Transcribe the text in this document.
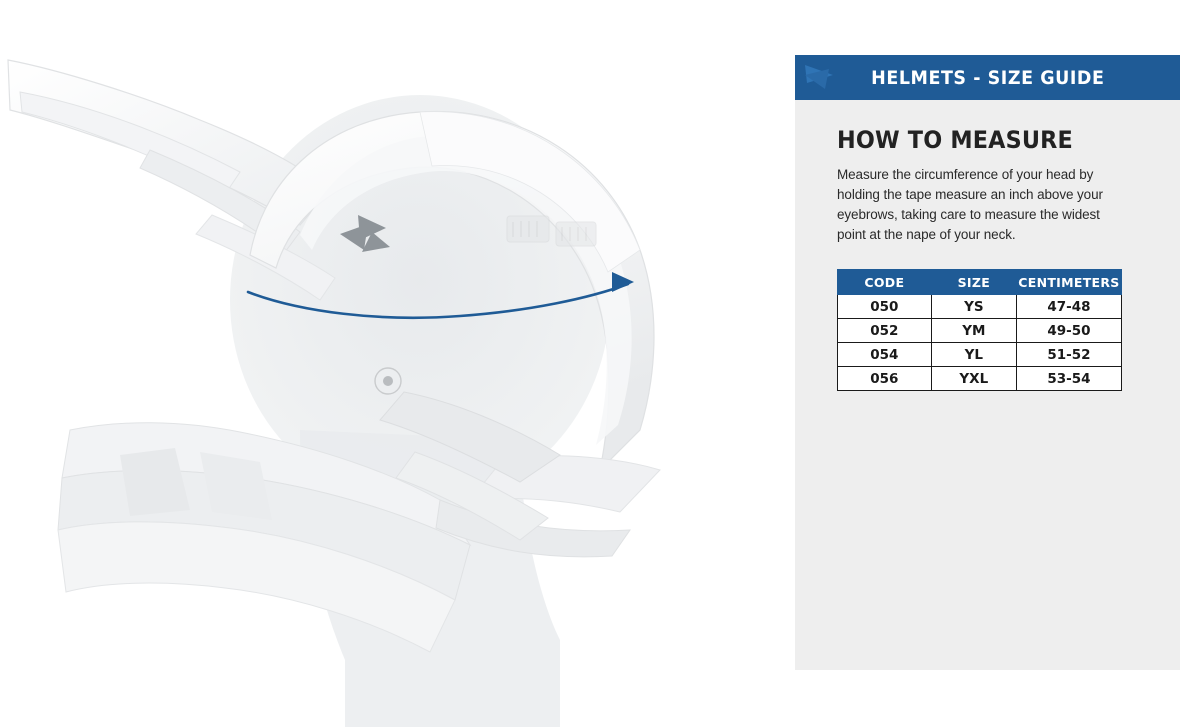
HELMETS - SIZE GUIDE
HOW TO MEASURE

Measure the circumference of your head by holding the tape measure an inch above your eyebrows, taking care to measure the widest point at the nape of your neck.

CODE	SIZE	CENTIMETERS
050	YS	47-48
052	YM	49-50
054	YL	51-52
056	YXL	53-54
